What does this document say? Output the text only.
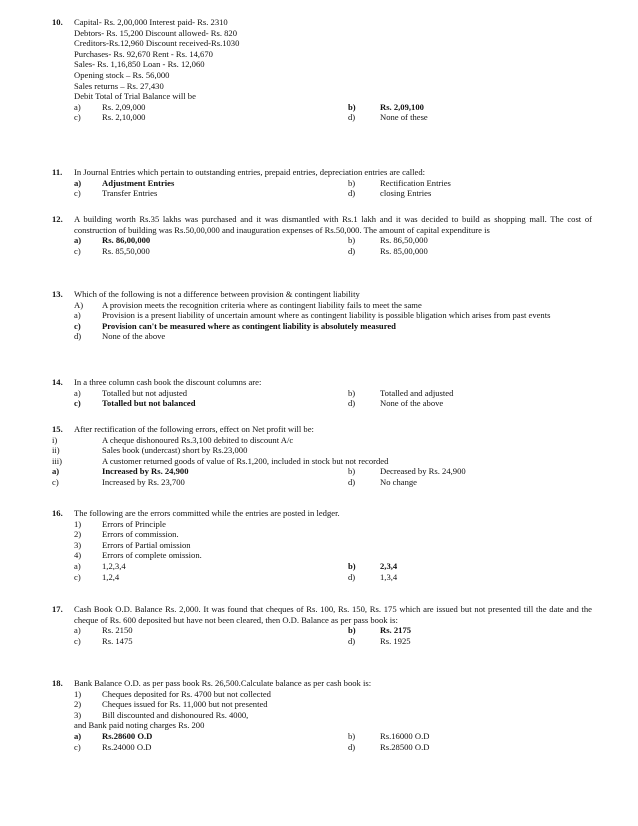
10.	Capital- Rs. 2,00,000 Interest paid- Rs. 2310
Debtors- Rs. 15,200 Discount allowed- Rs. 820
Creditors-Rs.12,960 Discount received-Rs.1030
Purchases- Rs. 92,670 Rent - Rs. 14,670
Sales- Rs. 1,16,850 Loan - Rs. 12,060
Opening stock – Rs. 56,000
Sales returns – Rs. 27,430
Debit Total of Trial Balance will be
a) Rs. 2,09,000	b)	Rs. 2,09,100
c) Rs. 2,10,000	d)	None of these
11.	In Journal Entries which pertain to outstanding entries, prepaid entries, depreciation entries are called:
a) Adjustment Entries	b)	Rectification Entries
c) Transfer Entries	d)	closing Entries
12.	A building worth Rs.35 lakhs was purchased and it was dismantled with Rs.1 lakh and it was decided to build as shopping mall. The cost of construction of building was Rs.50,00,000 and inauguration expenses of Rs.50,000. The amount of capital expenditure is
a) Rs. 86,00,000	b)	Rs. 86,50,000
c) Rs. 85,50,000	d)	Rs. 85,00,000
13.	Which of the following is not a difference between provision & contingent liability
A)	A provision meets the recognition criteria where as contingent liability fails to meet the same
a)	Provision is a present liability of uncertain amount where as contingent liability is possible bligation which arises from past events
c)	Provision can't be measured where as contingent liability is absolutely measured
d)	None of the above
14.	In a three column cash book the discount columns are:
a) Totalled but not adjusted	b)	Totalled and adjusted
c) Totalled but not balanced	d)	None of the above
15.	After rectification of the following errors, effect on Net profit will be:
i)	A cheque dishonoured Rs.3,100 debited to discount A/c
ii)	Sales book (undercast) short by Rs.23,000
iii)	A customer returned goods of value of Rs.1,200, included in stock but not recorded
a)	Increased by Rs. 24,900	b)	Decreased by Rs. 24,900
c)	Increased by Rs. 23,700	d)	No change
16.	The following are the errors committed while the entries are posted in ledger.
1) Errors of Principle
2) Errors of commission.
3) Errors of Partial omission
4) Errors of complete omission.
a) 1,2,3,4	b)	2,3,4
c) 1,2,4	d)	1,3,4
17.	Cash Book O.D. Balance Rs. 2,000. It was found that cheques of Rs. 100, Rs. 150, Rs. 175 which are issued but not presented till the date and the cheque of Rs. 600 deposited but have not been cleared, then O.D. Balance as per pass book is:
a) Rs. 2150	b)	Rs. 2175
c) Rs. 1475	d)	Rs. 1925
18.	Bank Balance O.D. as per pass book Rs. 26,500.Calculate balance as per cash book is:
1) Cheques deposited for Rs. 4700 but not collected
2) Cheques issued for Rs. 11,000 but not presented
3) Bill discounted and dishonoured Rs. 4000,
and Bank paid noting charges Rs. 200
a) Rs.28600 O.D	b)	Rs.16000 O.D
c) Rs.24000 O.D	d)	Rs.28500 O.D
